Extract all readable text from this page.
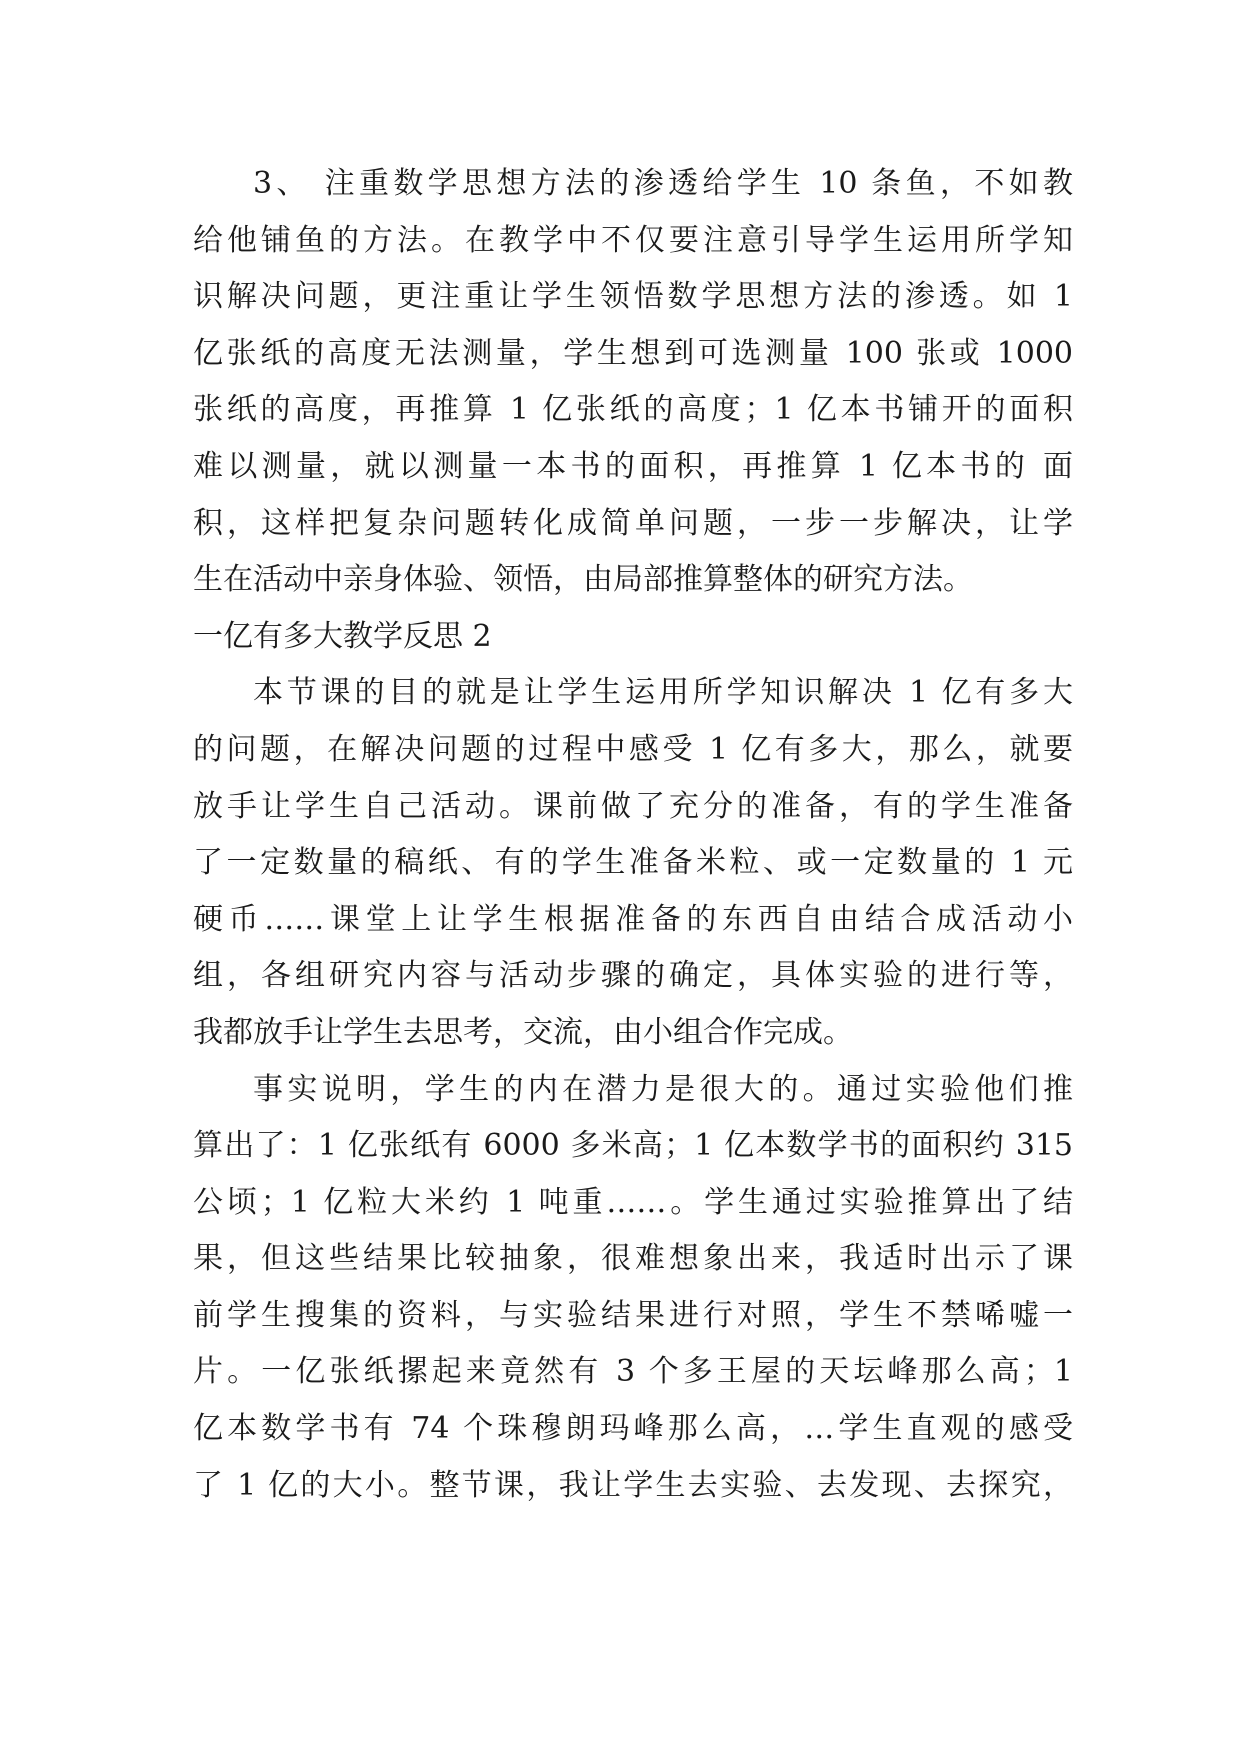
3、 注重数学思想方法的渗透给学生 10 条鱼，不如教
给他铺鱼的方法。在教学中不仅要注意引导学生运用所学知
识解决问题，更注重让学生领悟数学思想方法的渗透。如 1
亿张纸的高度无法测量，学生想到可选测量 100 张或 1000
张纸的高度，再推算 1 亿张纸的高度；1 亿本书铺开的面积
难以测量，就以测量一本书的面积，再推算 1 亿本书的 面
积，这样把复杂问题转化成简单问题，一步一步解决，让学
生在活动中亲身体验、领悟，由局部推算整体的研究方法。
一亿有多大教学反思 2
本节课的目的就是让学生运用所学知识解决 1 亿有多大
的问题，在解决问题的过程中感受 1 亿有多大，那么，就要
放手让学生自己活动。课前做了充分的准备，有的学生准备
了一定数量的稿纸、有的学生准备米粒、或一定数量的 1 元
硬币……课堂上让学生根据准备的东西自由结合成活动小
组，各组研究内容与活动步骤的确定，具体实验的进行等，
我都放手让学生去思考，交流，由小组合作完成。
事实说明，学生的内在潜力是很大的。通过实验他们推
算出了：1 亿张纸有 6000 多米高；1 亿本数学书的面积约 315
公顷；1 亿粒大米约 1 吨重……。学生通过实验推算出了结
果，但这些结果比较抽象，很难想象出来，我适时出示了课
前学生搜集的资料，与实验结果进行对照，学生不禁唏嘘一
片。一亿张纸摞起来竟然有 3 个多王屋的天坛峰那么高；1
亿本数学书有 74 个珠穆朗玛峰那么高，…学生直观的感受
了 1 亿的大小。整节课，我让学生去实验、去发现、去探究，
